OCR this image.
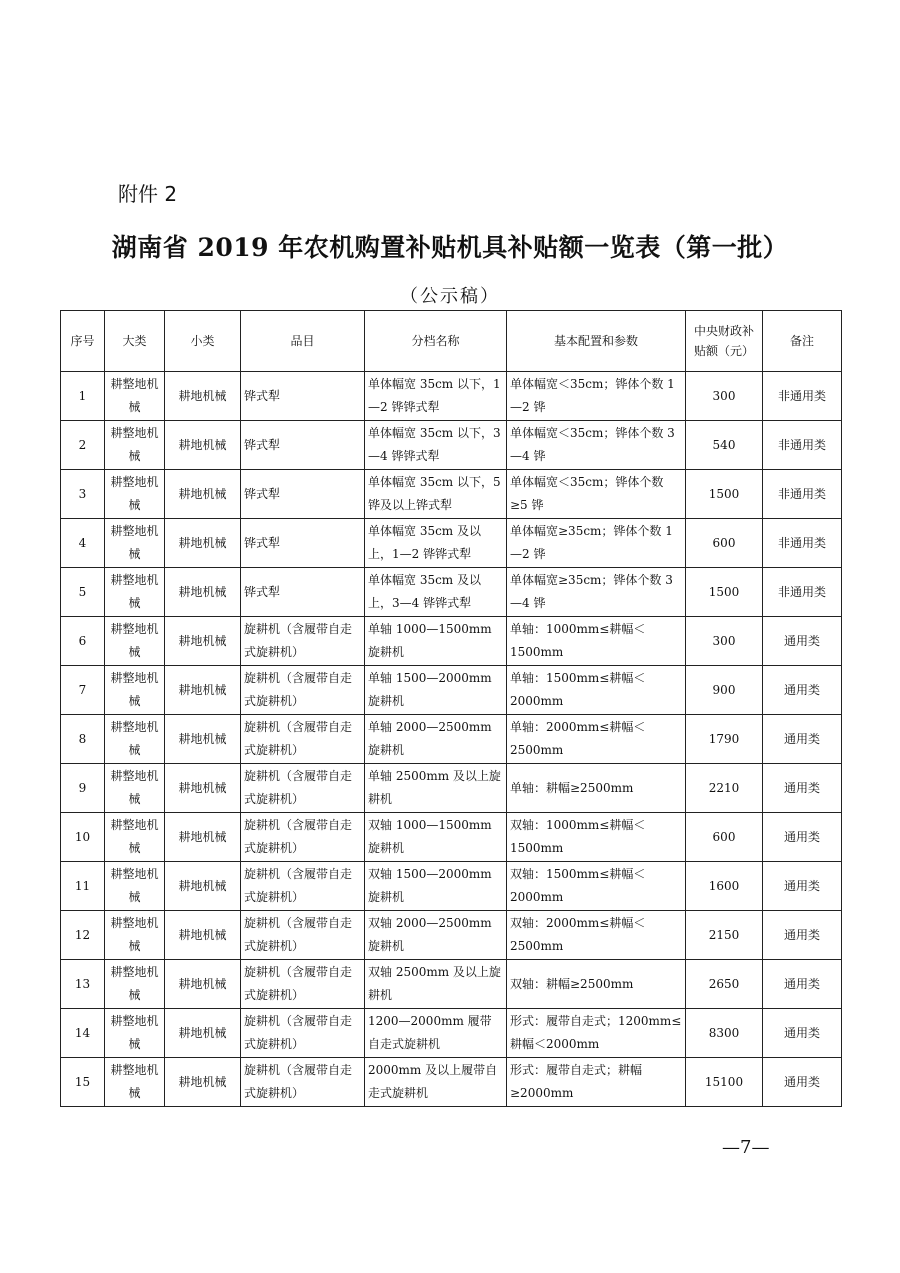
附件 2
湖南省 2019 年农机购置补贴机具补贴额一览表（第一批）
（公示稿）
序号	大类	小类	品目	分档名称	基本配置和参数	中央财政补贴额（元）	备注
1	耕整地机械	耕地机械	铧式犁	单体幅宽 35cm 以下，1—2 铧铧式犁	单体幅宽＜35cm；铧体个数 1—2 铧	300	非通用类
2	耕整地机械	耕地机械	铧式犁	单体幅宽 35cm 以下，3—4 铧铧式犁	单体幅宽＜35cm；铧体个数 3—4 铧	540	非通用类
3	耕整地机械	耕地机械	铧式犁	单体幅宽 35cm 以下，5 铧及以上铧式犁	单体幅宽＜35cm；铧体个数 ≥5 铧	1500	非通用类
4	耕整地机械	耕地机械	铧式犁	单体幅宽 35cm 及以上，1—2 铧铧式犁	单体幅宽≥35cm；铧体个数 1—2 铧	600	非通用类
5	耕整地机械	耕地机械	铧式犁	单体幅宽 35cm 及以上，3—4 铧铧式犁	单体幅宽≥35cm；铧体个数 3—4 铧	1500	非通用类
6	耕整地机械	耕地机械	旋耕机（含履带自走式旋耕机）	单轴 1000—1500mm 旋耕机	单轴：1000mm≤耕幅＜1500mm	300	通用类
7	耕整地机械	耕地机械	旋耕机（含履带自走式旋耕机）	单轴 1500—2000mm 旋耕机	单轴：1500mm≤耕幅＜2000mm	900	通用类
8	耕整地机械	耕地机械	旋耕机（含履带自走式旋耕机）	单轴 2000—2500mm 旋耕机	单轴：2000mm≤耕幅＜2500mm	1790	通用类
9	耕整地机械	耕地机械	旋耕机（含履带自走式旋耕机）	单轴 2500mm 及以上旋耕机	单轴：耕幅≥2500mm	2210	通用类
10	耕整地机械	耕地机械	旋耕机（含履带自走式旋耕机）	双轴 1000—1500mm 旋耕机	双轴：1000mm≤耕幅＜1500mm	600	通用类
11	耕整地机械	耕地机械	旋耕机（含履带自走式旋耕机）	双轴 1500—2000mm 旋耕机	双轴：1500mm≤耕幅＜2000mm	1600	通用类
12	耕整地机械	耕地机械	旋耕机（含履带自走式旋耕机）	双轴 2000—2500mm 旋耕机	双轴：2000mm≤耕幅＜2500mm	2150	通用类
13	耕整地机械	耕地机械	旋耕机（含履带自走式旋耕机）	双轴 2500mm 及以上旋耕机	双轴：耕幅≥2500mm	2650	通用类
14	耕整地机械	耕地机械	旋耕机（含履带自走式旋耕机）	1200—2000mm 履带自走式旋耕机	形式：履带自走式；1200mm≤耕幅＜2000mm	8300	通用类
15	耕整地机械	耕地机械	旋耕机（含履带自走式旋耕机）	2000mm 及以上履带自走式旋耕机	形式：履带自走式；耕幅≥2000mm	15100	通用类
—7—
